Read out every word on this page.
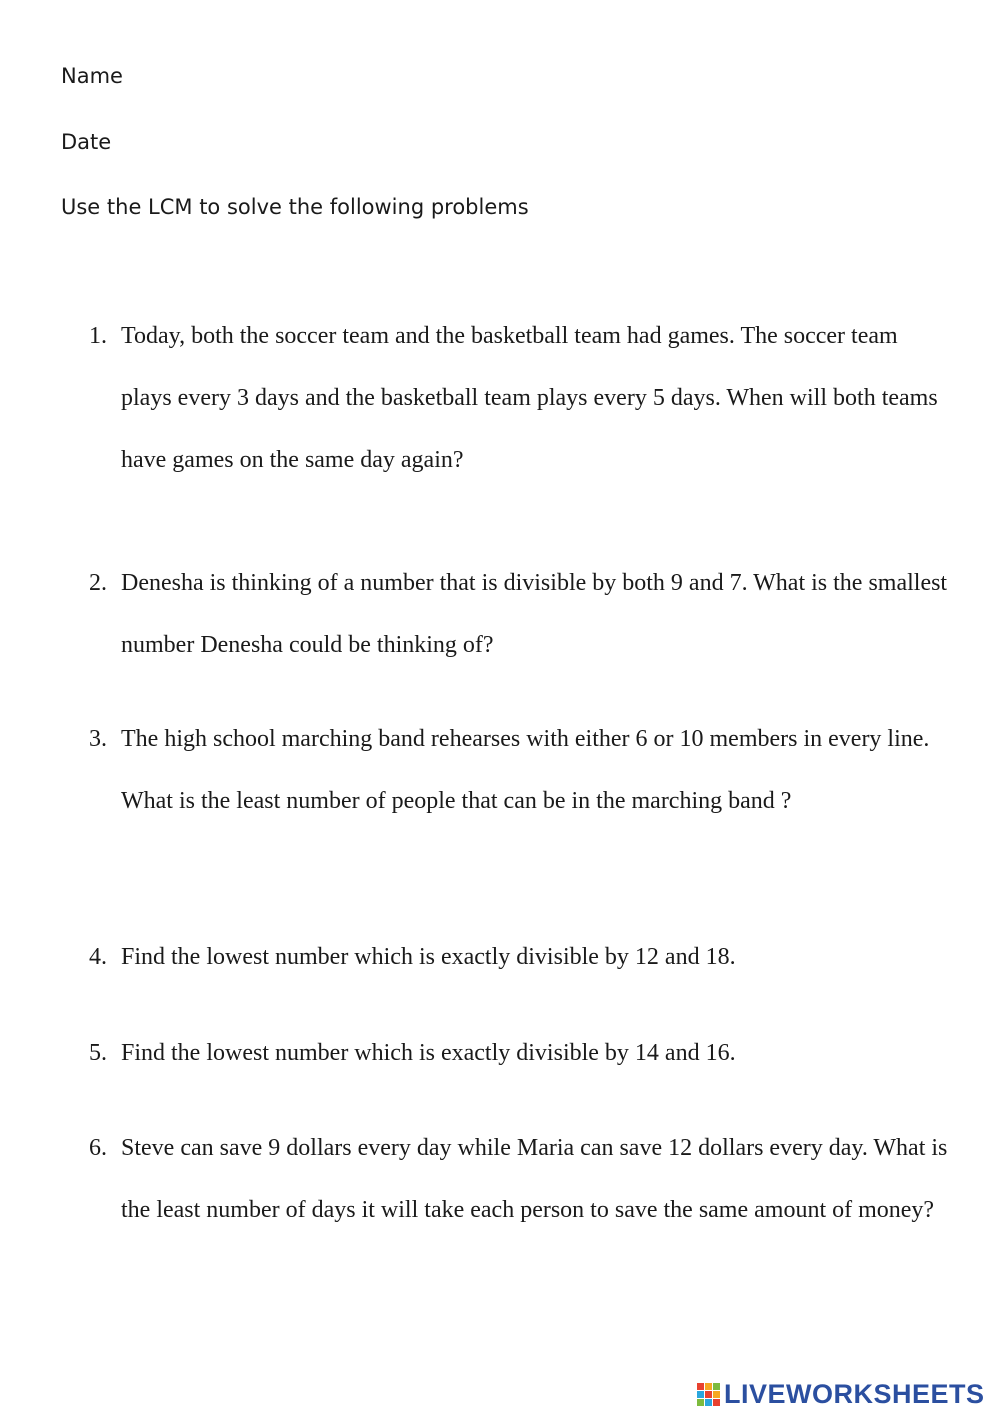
Name
Date
Use the LCM to solve the following problems
1. Today, both the soccer team and the basketball team had games. The soccer team plays every 3 days and the basketball team plays every 5 days. When will both teams have games on the same day again?
2. Denesha is thinking of a number that is divisible by both 9 and 7. What is the smallest number Denesha could be thinking of?
3. The high school marching band rehearses with either 6 or 10 members in every line. What is the least number of people that can be in the marching band ?
4. Find the lowest number which is exactly divisible by 12 and 18.
5. Find the lowest number which is exactly divisible by 14 and 16.
6. Steve can save 9 dollars every day while Maria can save 12 dollars every day. What is the least number of days it will take each person to save the same amount of money?
LIVEWORKSHEETS
